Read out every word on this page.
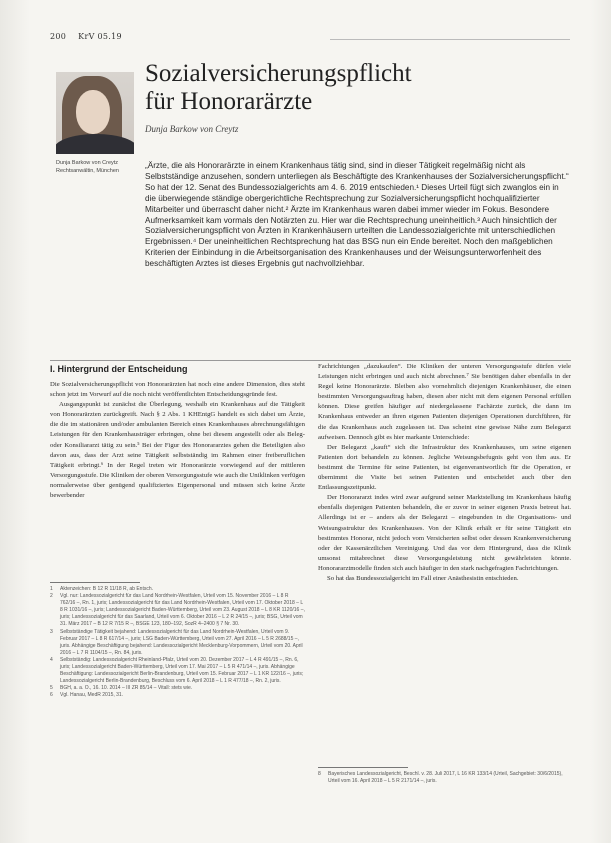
200 KrV 05.19
Dunja Barkow von Creytz Rechtsanwältin, München
Sozialversicherungspflicht
für Honorarärzte
Dunja Barkow von Creytz

„Ärzte, die als Honorarärzte in einem Krankenhaus tätig sind, sind in dieser Tätigkeit regelmäßig nicht als Selbstständige anzusehen, sondern unterliegen als Beschäftigte des Krankenhauses der Sozialversicherungspflicht.“ So hat der 12. Senat des Bundessozialgerichts am 4. 6. 2019 entschieden.¹ Dieses Urteil fügt sich zwanglos ein in die überwiegende ständige obergerichtliche Rechtsprechung zur Sozialversicherungspflicht hochqualifizierter Mitarbeiter und überrascht daher nicht.² Ärzte im Krankenhaus waren dabei immer wieder im Fokus. Besondere Aufmerksamkeit kam vormals den Notärzten zu. Hier war die Rechtsprechung uneinheitlich.³ Auch hinsichtlich der Sozialversicherungspflicht von Ärzten in Krankenhäusern urteilten die Landessozialgerichte mit unterschiedlichen Ergebnissen.⁴ Der uneinheitlichen Rechtsprechung hat das BSG nun ein Ende bereitet. Noch den maßgeblichen Kriterien der Einbindung in die Arbeitsorganisation des Krankenhauses und der Weisungsunterworfenheit des beschäftigten Arztes ist dieses Ergebnis gut nachvollziehbar.

I. Hintergrund der Entscheidung

Die Sozialversicherungspflicht von Honorarärzten hat noch eine andere Dimension, dies steht schon jetzt im Vorwurf auf die noch nicht veröffentlichten Entscheidungsgründe fest.

Ausgangspunkt ist zunächst die Überlegung, weshalb ein Krankenhaus auf die Tätigkeit von Honorarärzten zurückgreift. Nach § 2 Abs. 1 KHEntgG handelt es sich dabei um Ärzte, die die im stationären und/oder ambulanten Bereich eines Krankenhauses abrechnungsfähigen Leistungen für den Krankenhausträger erbringen, ohne bei diesem angestellt oder als Beleg- oder Konsiliararzt tätig zu sein.⁵ Bei der Figur des Honorararztes gehen die Beteiligten also davon aus, dass der Arzt seine Tätigkeit selbstständig im Rahmen einer freiberuflichen Tätigkeit erbringt.⁶ In der Regel treten wir Honorarärzte vorwiegend auf der mittleren Versorgungsstufe. Die Kliniken der oberen Versorgungsstufe wie auch die Uniklinken verfügen normalerweise über genügend qualifiziertes Eigenpersonal und müssen sich keine Ärzte bewerbender

Fachrichtungen „dazukaufen“. Die Kliniken der unteren Versorgungsstufe dürfen viele Leistungen nicht erbringen und auch nicht abrechnen.⁷ Sie benötigen daher ebenfalls in der Regel keine Honorarärzte. Bleiben also vornehmlich diejenigen Krankenhäuser, die einen bestimmten Versorgungsauftrag haben, diesen aber nicht mit dem eigenen Personal erfüllen können. Diese greifen häufiger auf niedergelassene Fachärzte zurück, die dann im Krankenhaus entweder an ihren eigenen Patienten diejenigen Operationen durchführen, für die das Krankenhaus auch zugelassen ist. Das scheint eine gewisse Nähe zum Belegarzt aufweisen. Dennoch gibt es hier markante Unterschiede:

Der Belegarzt „kauft“ sich die Infrastruktur des Krankenhauses, um seine eigenen Patienten dort behandeln zu können. Jegliche Weisungsbefugnis geht von ihm aus. Er bestimmt die Termine für seine Patienten, ist eigenverantwortlich für die Operation, er übernimmt die Visite bei seinen Patienten und entscheidet auch über den Entlassungszeitpunkt.

Der Honorararzt indes wird zwar aufgrund seiner Marktstellung im Krankenhaus häufig ebenfalls diejenigen Patienten behandeln, die er zuvor in seiner eigenen Praxis betreut hat. Allerdings ist er – anders als der Belegarzt – eingebunden in die Organisations- und Weisungsstruktur des Krankenhauses. Von der Klinik erhält er für seine Tätigkeit ein bestimmtes Honorar, nicht jedoch vom Versicherten selbst oder dessen Krankenversicherung oder der Kassenärztlichen Vereinigung. Und das vor dem Hintergrund, dass die Klinik umsonst mitabrechnet diese Versorgungsleistung nicht gewährleisten könnte. Honorararztmodelle finden sich auch häufiger in den stark nachgefragten Fachrichtungen.

So hat das Bundessozialgericht im Fall einer Anästhesistin entschieden.

1	Aktenzeichen: B 12 R 11/18 R, ab Entsch.
2	Vgl. nur: Landessozialgericht für das Land Nordrhein-Westfalen, Urteil vom 15. November 2016 – L 8 R 762/16 –, Rn. 1, juris; Landessozialgericht für das Land Nordrhein-Westfalen, Urteil vom 17. Oktober 2018 – L 8 R 1031/16 –, juris; Landessozialgericht Baden-Württemberg, Urteil vom 23. August 2018 – L 8 KR 1120/16 –, juris; Landessozialgericht für das Saarland, Urteil vom 6. Oktober 2016 – L 2 R 24/15 –, juris; BSG, Urteil vom 31. März 2017 – B 12 R 7/15 R –, BSGE 123, 180–192, SozR 4–2400 § 7 Nr. 30.
3	Selbstständige Tätigkeit bejahend: Landessozialgericht für das Land Nordrhein-Westfalen, Urteil vom 9. Februar 2017 – L 8 R 617/14 –, juris; LSG Baden-Württemberg, Urteil vom 27. April 2016 – L 5 R 2688/15 –, juris. Abhängige Beschäftigung bejahend: Landessozialgericht Mecklenburg-Vorpommern, Urteil vom 20. April 2016 – L 7 R 1104/15 –, Rn. 84, juris.
4	Selbstständig: Landessozialgericht Rheinland-Pfalz, Urteil vom 20. Dezember 2017 – L 4 R 491/15 –, Rn. 6, juris; Landessozialgericht Baden-Württemberg, Urteil vom 17. Mai 2017 – L 5 R 471/14 –, juris. Abhängige Beschäftigung: Landessozialgericht Berlin-Brandenburg, Urteil vom 15. Februar 2017 – L 1 KR 122/16 –, juris; Landessozialgericht Berlin-Brandenburg, Beschluss vom 6. April 2018 – L 1 R 477/18 –, Rn. 2, juris.
5	BGH, a. a. O., 16. 10. 2014 – III ZR 85/14 – Vitall: stets wie.
6	Vgl. Hanau, MedR 2015, 31.
8	Bayerisches Landessozialgericht, Beschl. v. 28. Juli 2017, L 16 KR 133/14 (Urteil, Sachgebiet: 30/6/2015), Urteil vom 16. April 2018 – L 5 R 2171/14 –, juris.
